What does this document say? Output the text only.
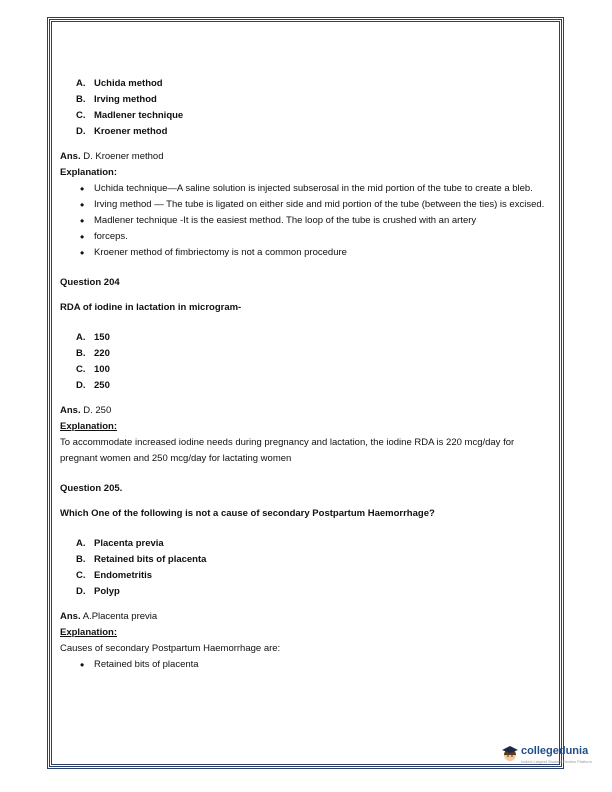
A. Uchida method
B. Irving method
C. Madlener technique
D. Kroener method
Ans. D. Kroener method
Explanation:
• Uchida technique—A saline solution is injected subserosal in the mid portion of the tube to create a bleb.
• Irving method — The tube is ligated on either side and mid portion of the tube (between the ties) is excised.
• Madlener technique -It is the easiest method. The loop of the tube is crushed with an artery
• forceps.
• Kroener method of fimbriectomy is not a common procedure
Question 204
RDA of iodine in lactation in microgram-
A. 150
B. 220
C. 100
D. 250
Ans. D. 250
Explanation:
To accommodate increased iodine needs during pregnancy and lactation, the iodine RDA is 220 mcg/day for pregnant women and 250 mcg/day for lactating women
Question 205.
Which One of the following is not a cause of secondary Postpartum Haemorrhage?
A. Placenta previa
B. Retained bits of placenta
C. Endometritis
D. Polyp
Ans. A.Placenta previa
Explanation:
Causes of secondary Postpartum Haemorrhage are:
• Retained bits of placenta
collegedunia
India's Largest Student Review Platform
